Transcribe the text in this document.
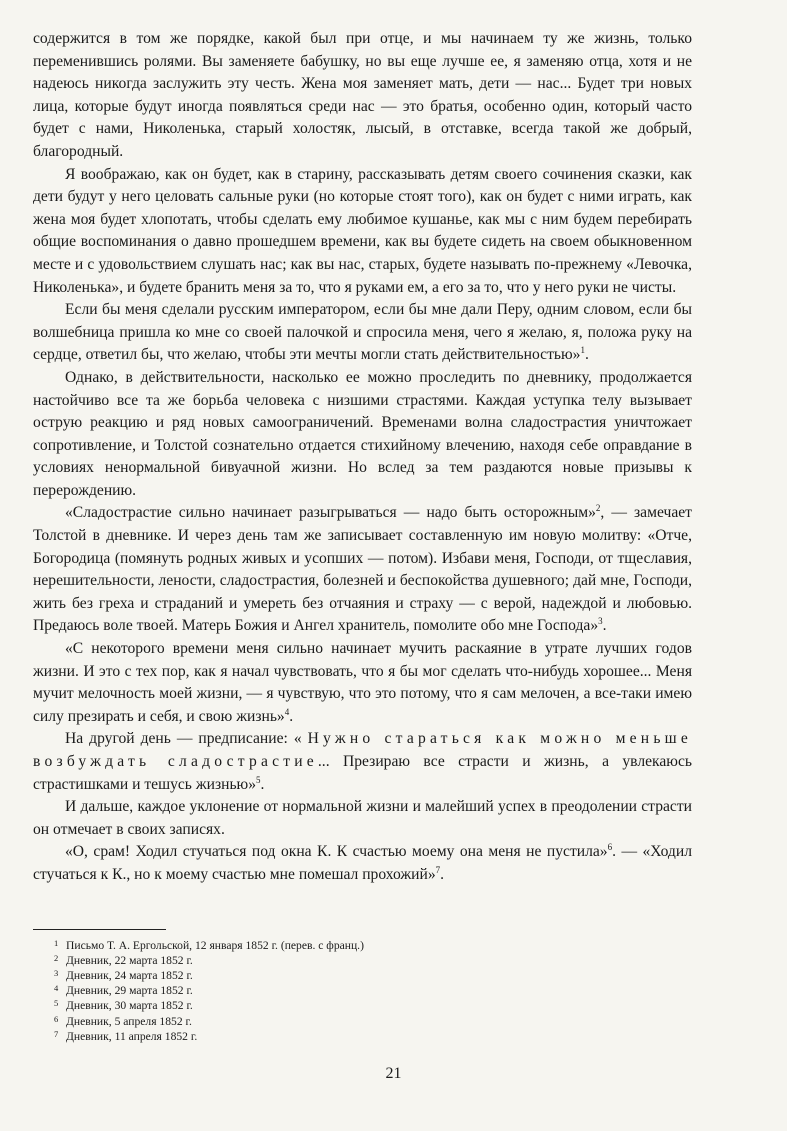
содержится в том же порядке, какой был при отце, и мы начинаем ту же жизнь, только переменившись ролями. Вы заменяете бабушку, но вы еще лучше ее, я заменяю отца, хотя и не надеюсь никогда заслужить эту честь. Жена моя заменяет мать, дети — нас... Будет три новых лица, которые будут иногда появляться среди нас — это братья, особенно один, который часто будет с нами, Николенька, старый холостяк, лысый, в отставке, всегда такой же добрый, благородный.

Я воображаю, как он будет, как в старину, рассказывать детям своего сочинения сказки, как дети будут у него целовать сальные руки (но которые стоят того), как он будет с ними играть, как жена моя будет хлопотать, чтобы сделать ему любимое кушанье, как мы с ним будем перебирать общие воспоминания о давно прошедшем времени, как вы будете сидеть на своем обыкновенном месте и с удовольствием слушать нас; как вы нас, старых, будете называть по-прежнему «Левочка, Николенька», и будете бранить меня за то, что я руками ем, а его за то, что у него руки не чисты.

Если бы меня сделали русским императором, если бы мне дали Перу, одним словом, если бы волшебница пришла ко мне со своей палочкой и спросила меня, чего я желаю, я, положа руку на сердце, ответил бы, что желаю, чтобы эти мечты могли стать действительностью»$^1$.

Однако, в действительности, насколько ее можно проследить по дневнику, продолжается настойчиво все та же борьба человека с низшими страстями. Каждая уступка телу вызывает острую реакцию и ряд новых самоограничений. Временами волна сладострастия уничтожает сопротивление, и Толстой сознательно отдается стихийному влечению, находя себе оправдание в условиях ненормальной бивуачной жизни. Но вслед за тем раздаются новые призывы к перерождению.

«Сладострастие сильно начинает разыгрываться — надо быть осторожным»$^2$, — замечает Толстой в дневнике. И через день там же записывает составленную им новую молитву: «Отче, Богородица (помянуть родных живых и усопших — потом). Избави меня, Господи, от тщеславия, нерешительности, лености, сладострастия, болезней и беспокойства душевного; дай мне, Господи, жить без греха и страданий и умереть без отчаяния и страху — с верой, надеждой и любовью. Предаюсь воле твоей. Матерь Божия и Ангел хранитель, помолите обо мне Господа»$^3$.

«С некоторого времени меня сильно начинает мучить раскаяние в утрате лучших годов жизни. И это с тех пор, как я начал чувствовать, что я бы мог сделать что-нибудь хорошее... Меня мучит мелочность моей жизни, — я чувствую, что это потому, что я сам мелочен, а все-таки имею силу презирать и себя, и свою жизнь»$^4$.

На другой день — предписание: « Нужно стараться как можно меньше возбуждать сладострастие... Презираю все страсти и жизнь, а увлекаюсь страстишками и тешусь жизнью»$^5$.

И дальше, каждое уклонение от нормальной жизни и малейший успех в преодолении страсти он отмечает в своих записях.

«О, срам! Ходил стучаться под окна К. К счастью моему она меня не пустила»$^6$. — «Ходил стучаться к К., но к моему счастью мне помешал прохожий»$^7$.

1 Письмо Т. А. Ергольской, 12 января 1852 г. (перев. с франц.)
2 Дневник, 22 марта 1852 г.
3 Дневник, 24 марта 1852 г.
4 Дневник, 29 марта 1852 г.
5 Дневник, 30 марта 1852 г.
6 Дневник, 5 апреля 1852 г.
7 Дневник, 11 апреля 1852 г.
21
